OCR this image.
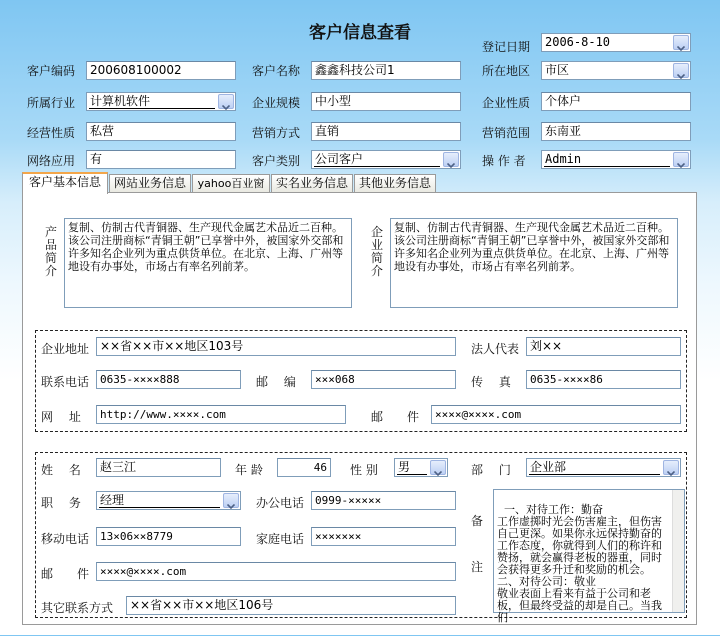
客户信息查看
登记日期 2006-8-10
客户编码	200608100002	客户名称	鑫鑫科技公司1	所在地区 市区
所属行业 计算机软件	企业规模	中小型	企业性质	个体户
经营性质	私营	营销方式	直销	营销范围	东南亚
网络应用	有	客户类别 公司客户	操 作 者 Admin
客户基本信息	网站业务信息	yahoo百业窗 实名业务信息 其他业务信息
产品简介
复制、仿制古代青铜器、生产现代金属艺术品近二百种。该公司注册商标“青铜王朝”已享誉中外，被国家外交部和许多知名企业列为重点供货单位。在北京、上海、广州等地设有办事处，市场占有率名列前茅。
企业简介
复制、仿制古代青铜器、生产现代金属艺术品近二百种。该公司注册商标“青铜王朝”已享誉中外，被国家外交部和许多知名企业列为重点供货单位。在北京、上海、广州等地设有办事处，市场占有率名列前茅。
企业地址 ××省××市××地区103号	法人代表 刘××
联系电话 0635-××××888	邮　 编	×××068	传　 真	0635-××××86
网　 址	http://www.××××.com	邮　　件	××××@××××.com
姓　 名	赵三江	年 龄	46	性 别 男	部　 门 企业部
职　 务 经理	办公电话 0999-×××××
移动电话 13×06××8779	家庭电话 ×××××××
邮　　件 ××××@××××.com
其它联系方式	××省××市××地区106号
备注

一、对待工作：勤奋
工作虚掷时光会伤害雇主，但伤害自己更深。如果你永远保持勤奋的工作态度，你就得到人们的称许和赞扬，就会赢得老板的器重，同时会获得更多升迁和奖励的机会。
二、对待公司：敬业
敬业表面上看来有益于公司和老板，但最终受益的却是自己。当我们
